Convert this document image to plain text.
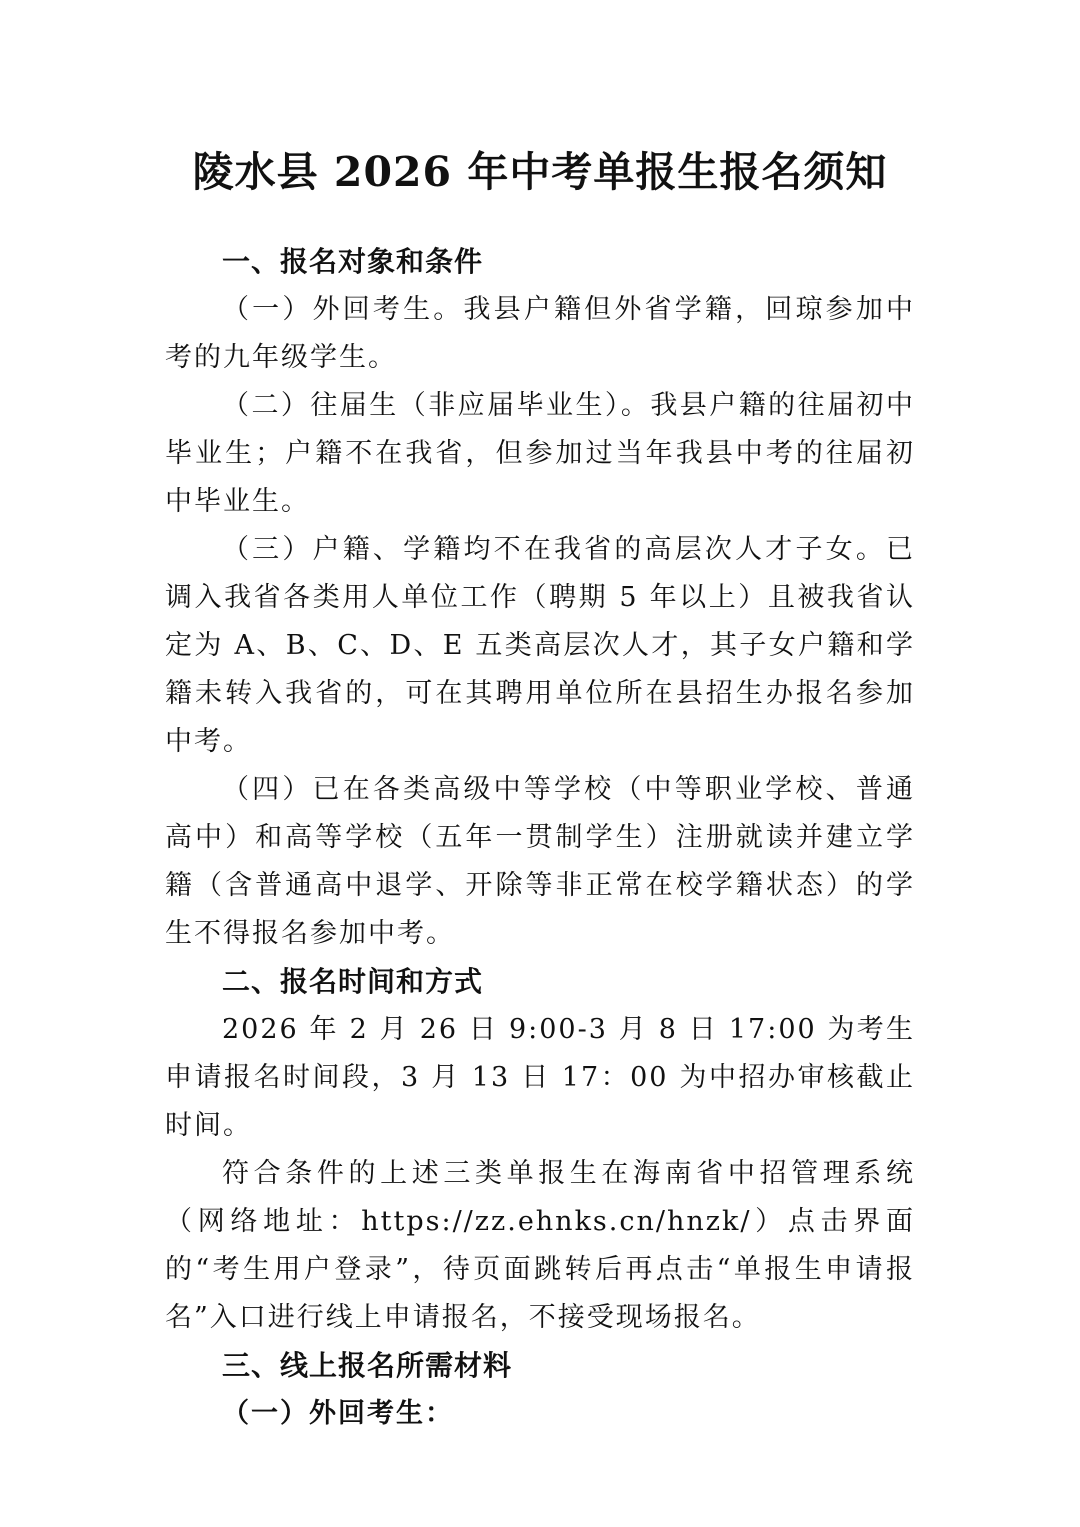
陵水县 2026 年中考单报生报名须知

一、报名对象和条件

（一）外回考生。我县户籍但外省学籍，回琼参加中考的九年级学生。

（二）往届生（非应届毕业生）。我县户籍的往届初中毕业生；户籍不在我省，但参加过当年我县中考的往届初中毕业生。

（三）户籍、学籍均不在我省的高层次人才子女。已调入我省各类用人单位工作（聘期 5 年以上）且被我省认定为 A、B、C、D、E 五类高层次人才，其子女户籍和学籍未转入我省的，可在其聘用单位所在县招生办报名参加中考。

（四）已在各类高级中等学校（中等职业学校、普通高中）和高等学校（五年一贯制学生）注册就读并建立学籍（含普通高中退学、开除等非正常在校学籍状态）的学生不得报名参加中考。

二、报名时间和方式

2026 年 2 月 26 日 9:00-3 月 8 日 17:00 为考生申请报名时间段，3 月 13 日 17：00 为中招办审核截止时间。

符合条件的上述三类单报生在海南省中招管理系统（网络地址：https://zz.ehnks.cn/hnzk/）点击界面的“考生用户登录”，待页面跳转后再点击“单报生申请报名”入口进行线上申请报名，不接受现场报名。

三、线上报名所需材料

（一）外回考生：
